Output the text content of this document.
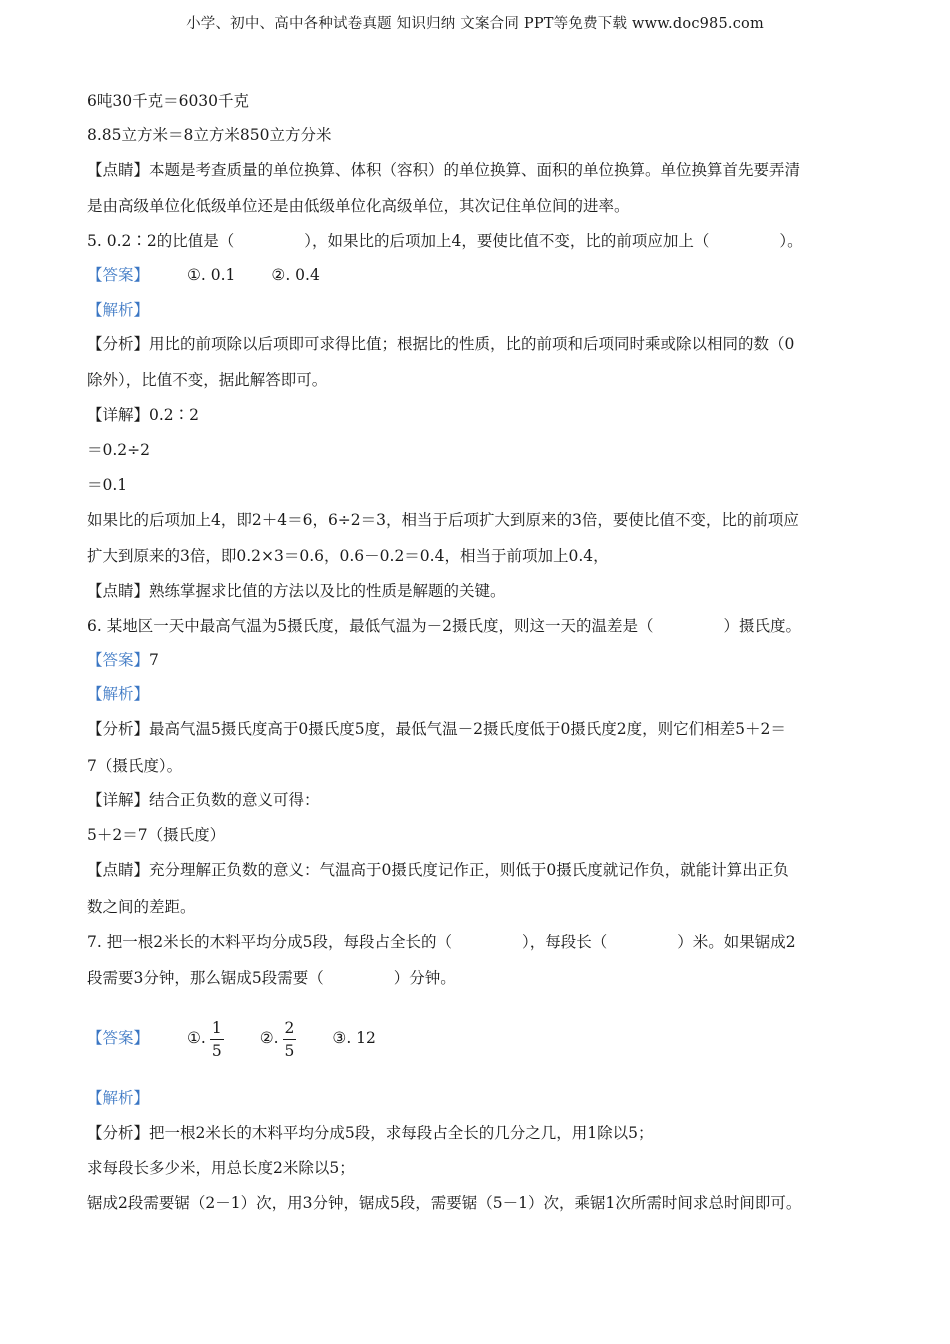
小学、初中、高中各种试卷真题 知识归纳 文案合同 PPT等免费下载 www.doc985.com
6吨30千克＝6030千克
8.85立方米＝8立方米850立方分米
【点睛】本题是考查质量的单位换算、体积（容积）的单位换算、面积的单位换算。单位换算首先要弄清
是由高级单位化低级单位还是由低级单位化高级单位，其次记住单位间的进率。
5. 0.2∶2的比值是（	），如果比的后项加上4，要使比值不变，比的前项应加上（	）。
【答案】 ①. 0.1 ②. 0.4
【解析】
【分析】用比的前项除以后项即可求得比值；根据比的性质，比的前项和后项同时乘或除以相同的数（0
除外），比值不变，据此解答即可。
【详解】0.2∶2
＝0.2÷2
＝0.1
如果比的后项加上4，即2＋4＝6，6÷2＝3，相当于后项扩大到原来的3倍，要使比值不变，比的前项应
扩大到原来的3倍，即0.2×3＝0.6，0.6－0.2＝0.4，相当于前项加上0.4，
【点睛】熟练掌握求比值的方法以及比的性质是解题的关键。
6. 某地区一天中最高气温为5摄氏度，最低气温为－2摄氏度，则这一天的温差是（	）摄氏度。
【答案】7
【解析】
【分析】最高气温5摄氏度高于0摄氏度5度，最低气温－2摄氏度低于0摄氏度2度，则它们相差5＋2＝
7（摄氏度）。
【详解】结合正负数的意义可得：
5＋2＝7（摄氏度）
【点睛】充分理解正负数的意义：气温高于0摄氏度记作正，则低于0摄氏度就记作负，就能计算出正负
数之间的差距。
7. 把一根2米长的木料平均分成5段，每段占全长的（	），每段长（	）米。如果锯成2
段需要3分钟，那么锯成5段需要（	）分钟。
【答案】 ①. $\frac{1}{5}$ ②. $\frac{2}{5}$ ③. 12
【解析】
【分析】把一根2米长的木料平均分成5段，求每段占全长的几分之几，用1除以5；
求每段长多少米，用总长度2米除以5；
锯成2段需要锯（2－1）次，用3分钟，锯成5段，需要锯（5－1）次，乘锯1次所需时间求总时间即可。
